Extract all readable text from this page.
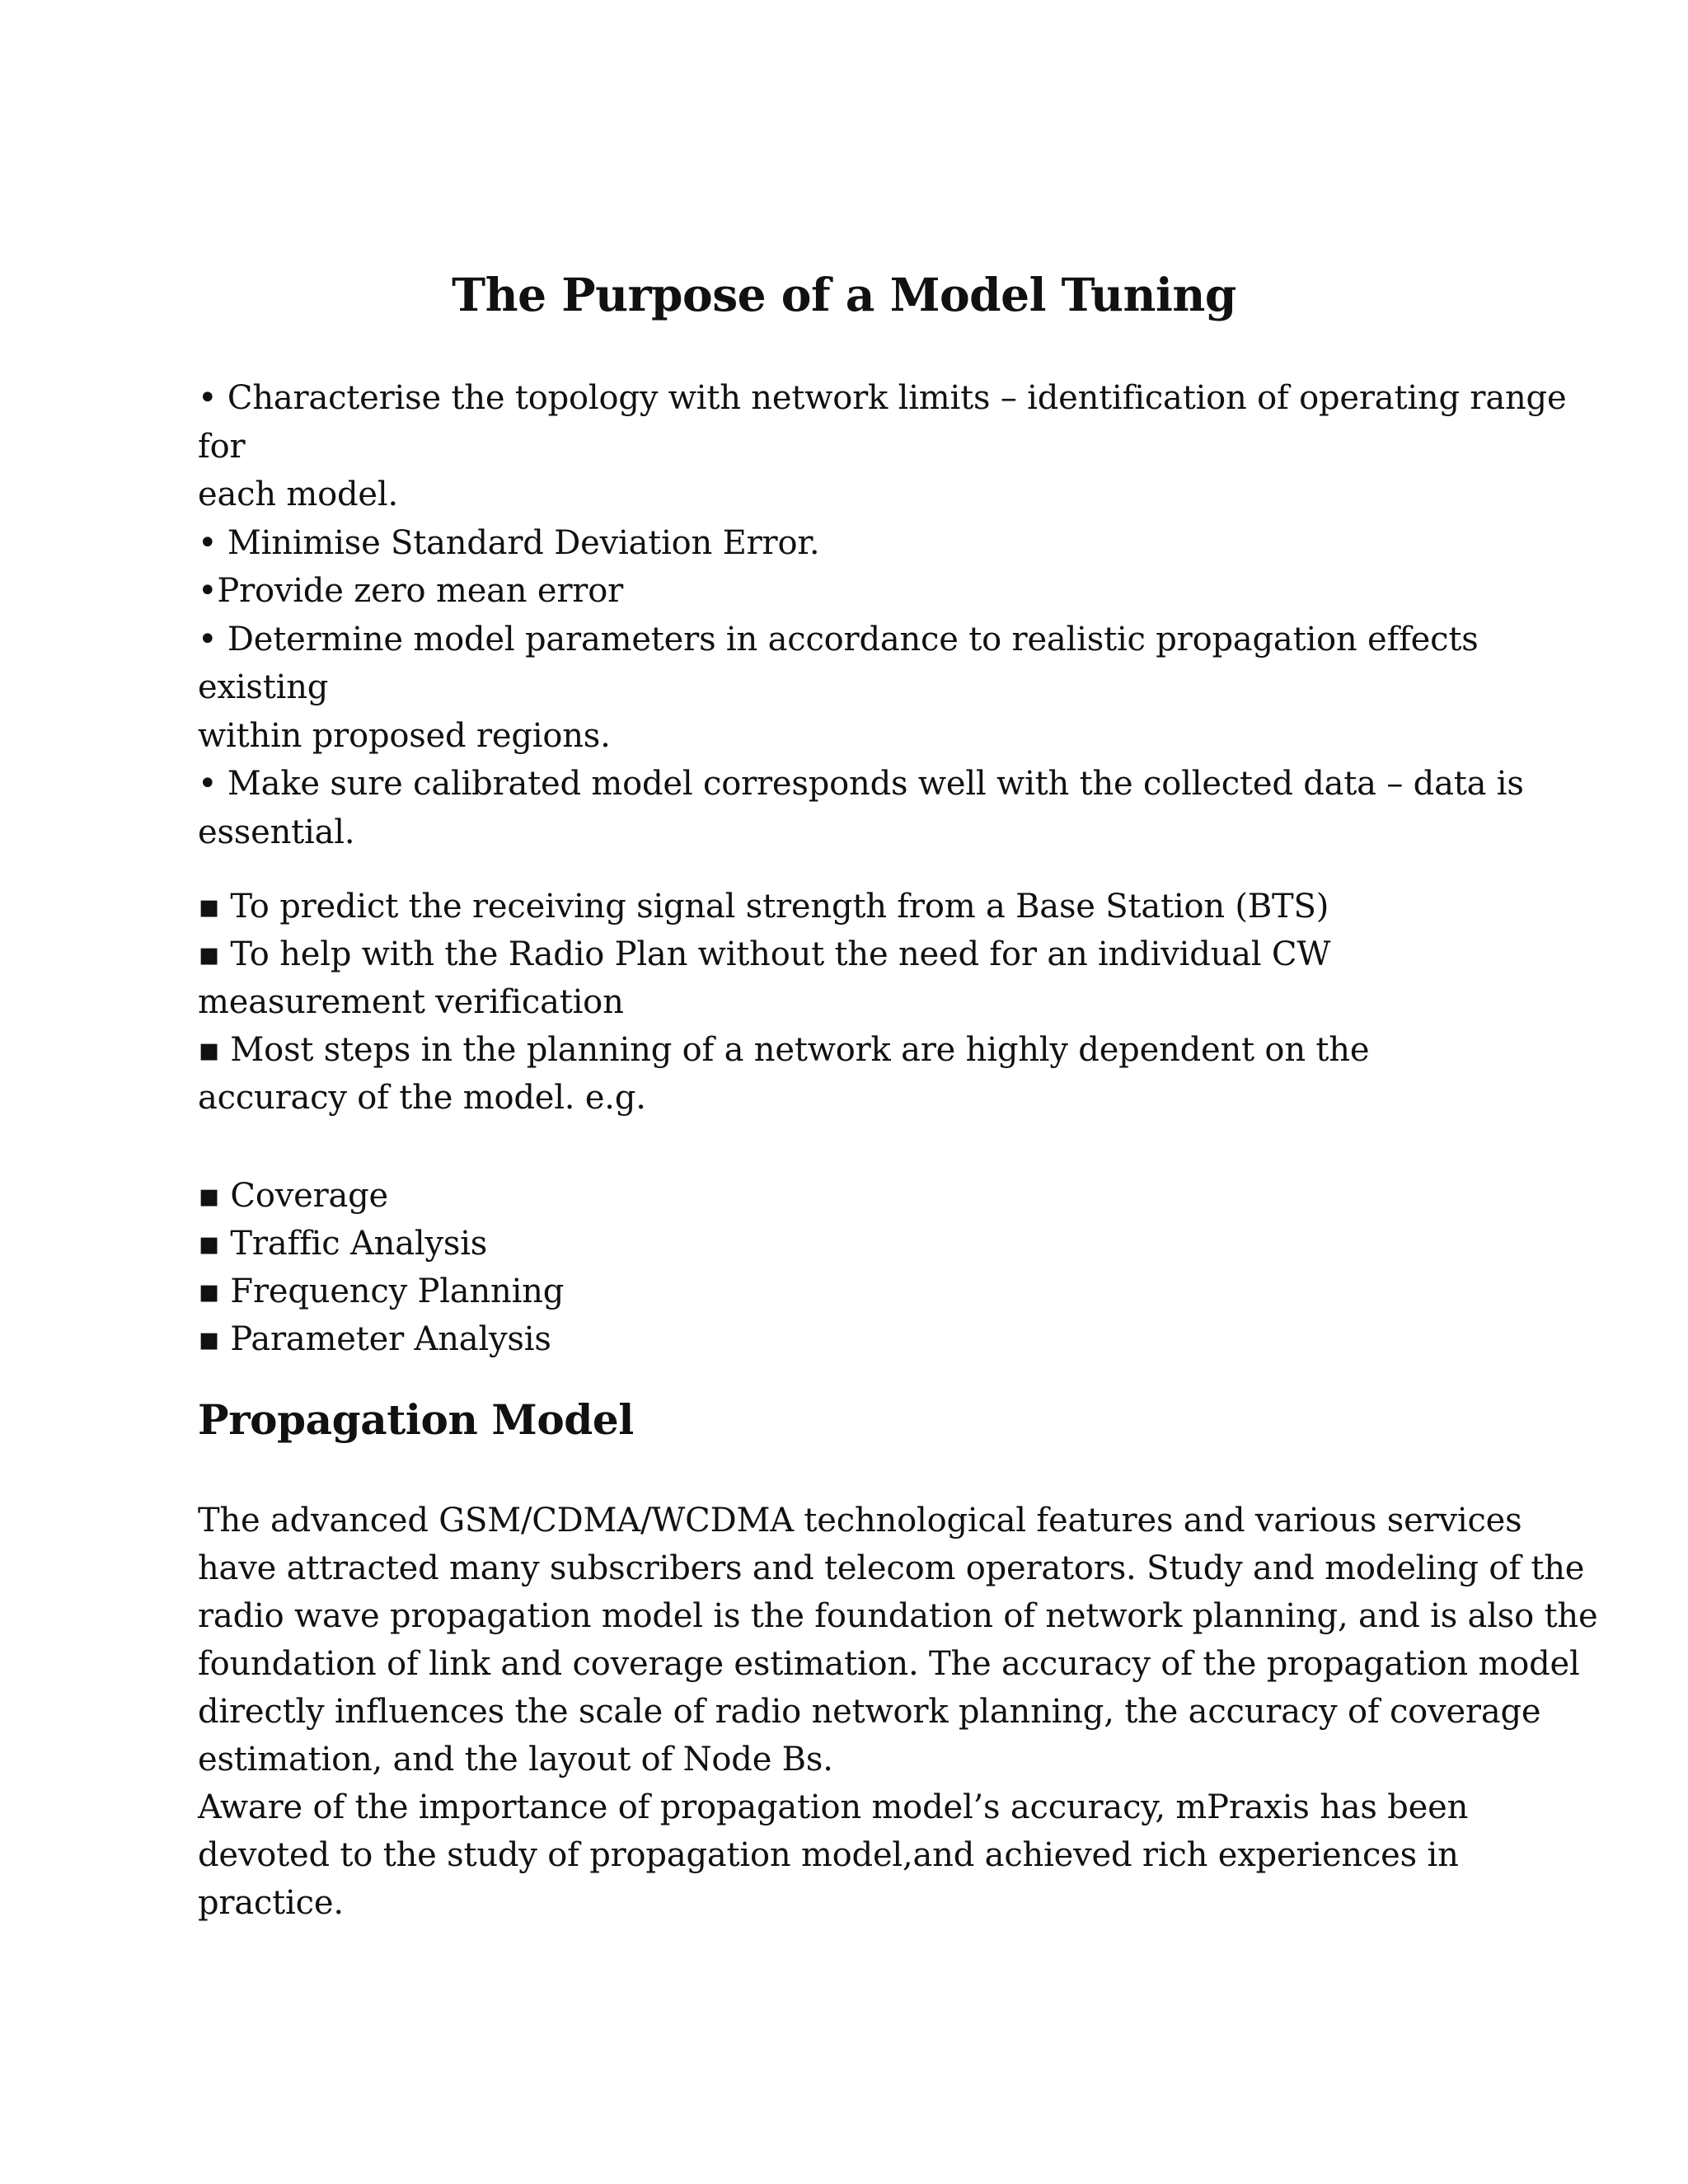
The Purpose of a Model Tuning
• Characterise the topology with network limits – identification of operating range
for
each model.
• Minimise Standard Deviation Error.
•Provide zero mean error
• Determine model parameters in accordance to realistic propagation effects
existing
within proposed regions.
• Make sure calibrated model corresponds well with the collected data – data is
essential.
▪ To predict the receiving signal strength from a Base Station (BTS)
▪ To help with the Radio Plan without the need for an individual CW
measurement verification
▪ Most steps in the planning of a network are highly dependent on the
accuracy of the model. e.g.
▪ Coverage
▪ Traffic Analysis
▪ Frequency Planning
▪ Parameter Analysis
Propagation Model
The advanced GSM/CDMA/WCDMA technological features and various services
have attracted many subscribers and telecom operators. Study and modeling of the
radio wave propagation model is the foundation of network planning, and is also the
foundation of link and coverage estimation. The accuracy of the propagation model
directly influences the scale of radio network planning, the accuracy of coverage
estimation, and the layout of Node Bs.
Aware of the importance of propagation model’s accuracy, mPraxis has been
devoted to the study of propagation model,and achieved rich experiences in
practice.
